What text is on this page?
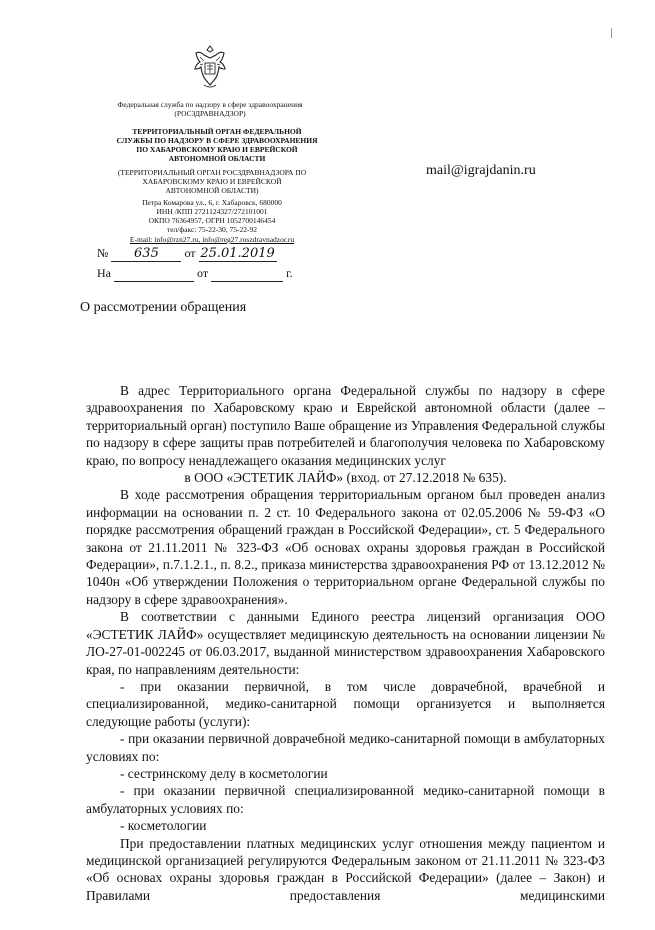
Федеральная служба по надзору в сфере здравоохранения
(РОСЗДРАВНАДЗОР)
ТЕРРИТОРИАЛЬНЫЙ ОРГАН ФЕДЕРАЛЬНОЙ
СЛУЖБЫ ПО НАДЗОРУ В СФЕРЕ ЗДРАВООХРАНЕНИЯ
ПО ХАБАРОВСКОМУ КРАЮ И ЕВРЕЙСКОЙ
АВТОНОМНОЙ ОБЛАСТИ
(ТЕРРИТОРИАЛЬНЫЙ ОРГАН РОСЗДРАВНАДЗОРА ПО
ХАБАРОВСКОМУ КРАЮ И ЕВРЕЙСКОЙ
АВТОНОМНОЙ ОБЛАСТИ)
Петра Комарова ул., 6, г. Хабаровск, 680000
ИНН /КПП 2721124327/272101001
ОКПО 76364957, ОГРН 1052700146454
тел/факс: 75-22-30, 75-22-92
E-mail: info@rzn27.ru, info@reg27.roszdravnadzor.ru
№ 635 от 25.01.2019
На	от	г.
mail@igrajdanin.ru
О рассмотрении обращения

В адрес Территориального органа Федеральной службы по надзору в сфере здравоохранения по Хабаровскому краю и Еврейской автономной области (далее – территориальный орган) поступило Ваше обращение из Управления Федеральной службы по надзору в сфере защиты прав потребителей и благополучия человека по Хабаровскому краю, по вопросу ненадлежащего оказания медицинских услуг

в ООО «ЭСТЕТИК ЛАЙФ» (вход. от 27.12.2018 № 635).

В ходе рассмотрения обращения территориальным органом был проведен анализ информации на основании п. 2 ст. 10 Федерального закона от 02.05.2006 № 59-ФЗ «О порядке рассмотрения обращений граждан в Российской Федерации», ст. 5 Федерального закона от 21.11.2011 № 323-ФЗ «Об основах охраны здоровья граждан в Российской Федерации», п.7.1.2.1., п. 8.2., приказа министерства здравоохранения РФ от 13.12.2012 № 1040н «Об утверждении Положения о территориальном органе Федеральной службы по надзору в сфере здравоохранения».

В соответствии с данными Единого реестра лицензий организация ООО «ЭСТЕТИК ЛАЙФ» осуществляет медицинскую деятельность на основании лицензии № ЛО-27-01-002245 от 06.03.2017, выданной министерством здравоохранения Хабаровского края, по направлениям деятельности:

- при оказании первичной, в том числе доврачебной, врачебной и специализированной, медико-санитарной помощи организуется и выполняется следующие работы (услуги):

- при оказании первичной доврачебной медико-санитарной помощи в амбулаторных условиях по:

- сестринскому делу в косметологии

- при оказании первичной специализированной медико-санитарной помощи в амбулаторных условиях по:

- косметологии

При предоставлении платных медицинских услуг отношения между пациентом и медицинской организацией регулируются Федеральным законом от 21.11.2011 № 323-ФЗ «Об основах охраны здоровья граждан в Российской Федерации» (далее – Закон) и Правилами предоставления медицинскими
